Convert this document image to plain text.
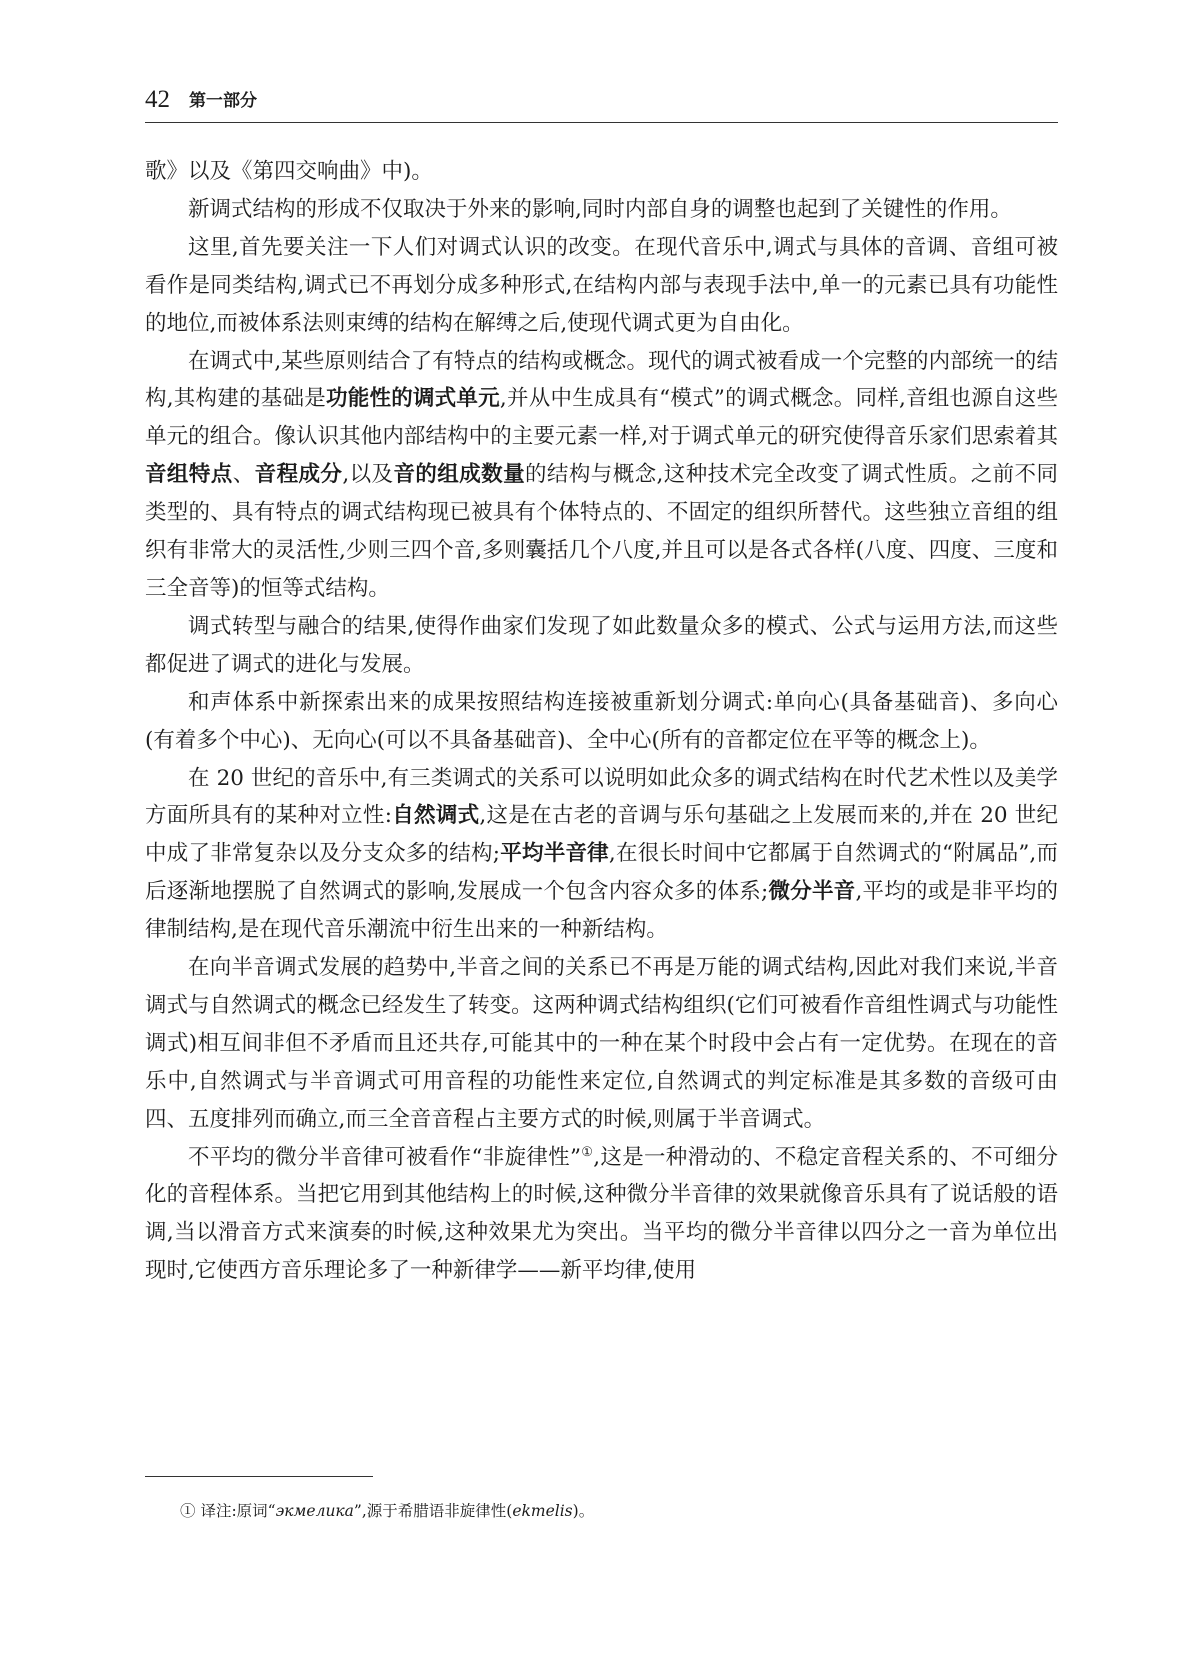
42 第一部分

歌》以及《第四交响曲》中)。

新调式结构的形成不仅取决于外来的影响,同时内部自身的调整也起到了关键性的作用。

这里,首先要关注一下人们对调式认识的改变。在现代音乐中,调式与具体的音调、音组可被看作是同类结构,调式已不再划分成多种形式,在结构内部与表现手法中,单一的元素已具有功能性的地位,而被体系法则束缚的结构在解缚之后,使现代调式更为自由化。

在调式中,某些原则结合了有特点的结构或概念。现代的调式被看成一个完整的内部统一的结构,其构建的基础是功能性的调式单元,并从中生成具有“模式”的调式概念。同样,音组也源自这些单元的组合。像认识其他内部结构中的主要元素一样,对于调式单元的研究使得音乐家们思索着其音组特点、音程成分,以及音的组成数量的结构与概念,这种技术完全改变了调式性质。之前不同类型的、具有特点的调式结构现已被具有个体特点的、不固定的组织所替代。这些独立音组的组织有非常大的灵活性,少则三四个音,多则囊括几个八度,并且可以是各式各样(八度、四度、三度和三全音等)的恒等式结构。

调式转型与融合的结果,使得作曲家们发现了如此数量众多的模式、公式与运用方法,而这些都促进了调式的进化与发展。

和声体系中新探索出来的成果按照结构连接被重新划分调式:单向心(具备基础音)、多向心(有着多个中心)、无向心(可以不具备基础音)、全中心(所有的音都定位在平等的概念上)。

在 20 世纪的音乐中,有三类调式的关系可以说明如此众多的调式结构在时代艺术性以及美学方面所具有的某种对立性:自然调式,这是在古老的音调与乐句基础之上发展而来的,并在 20 世纪中成了非常复杂以及分支众多的结构;平均半音律,在很长时间中它都属于自然调式的“附属品”,而后逐渐地摆脱了自然调式的影响,发展成一个包含内容众多的体系;微分半音,平均的或是非平均的律制结构,是在现代音乐潮流中衍生出来的一种新结构。

在向半音调式发展的趋势中,半音之间的关系已不再是万能的调式结构,因此对我们来说,半音调式与自然调式的概念已经发生了转变。这两种调式结构组织(它们可被看作音组性调式与功能性调式)相互间非但不矛盾而且还共存,可能其中的一种在某个时段中会占有一定优势。在现在的音乐中,自然调式与半音调式可用音程的功能性来定位,自然调式的判定标准是其多数的音级可由四、五度排列而确立,而三全音音程占主要方式的时候,则属于半音调式。

不平均的微分半音律可被看作“非旋律性”①,这是一种滑动的、不稳定音程关系的、不可细分化的音程体系。当把它用到其他结构上的时候,这种微分半音律的效果就像音乐具有了说话般的语调,当以滑音方式来演奏的时候,这种效果尤为突出。当平均的微分半音律以四分之一音为单位出现时,它使西方音乐理论多了一种新律学——新平均律,使用

① 译注:原词“экмелика”,源于希腊语非旋律性(ekmelis)。
